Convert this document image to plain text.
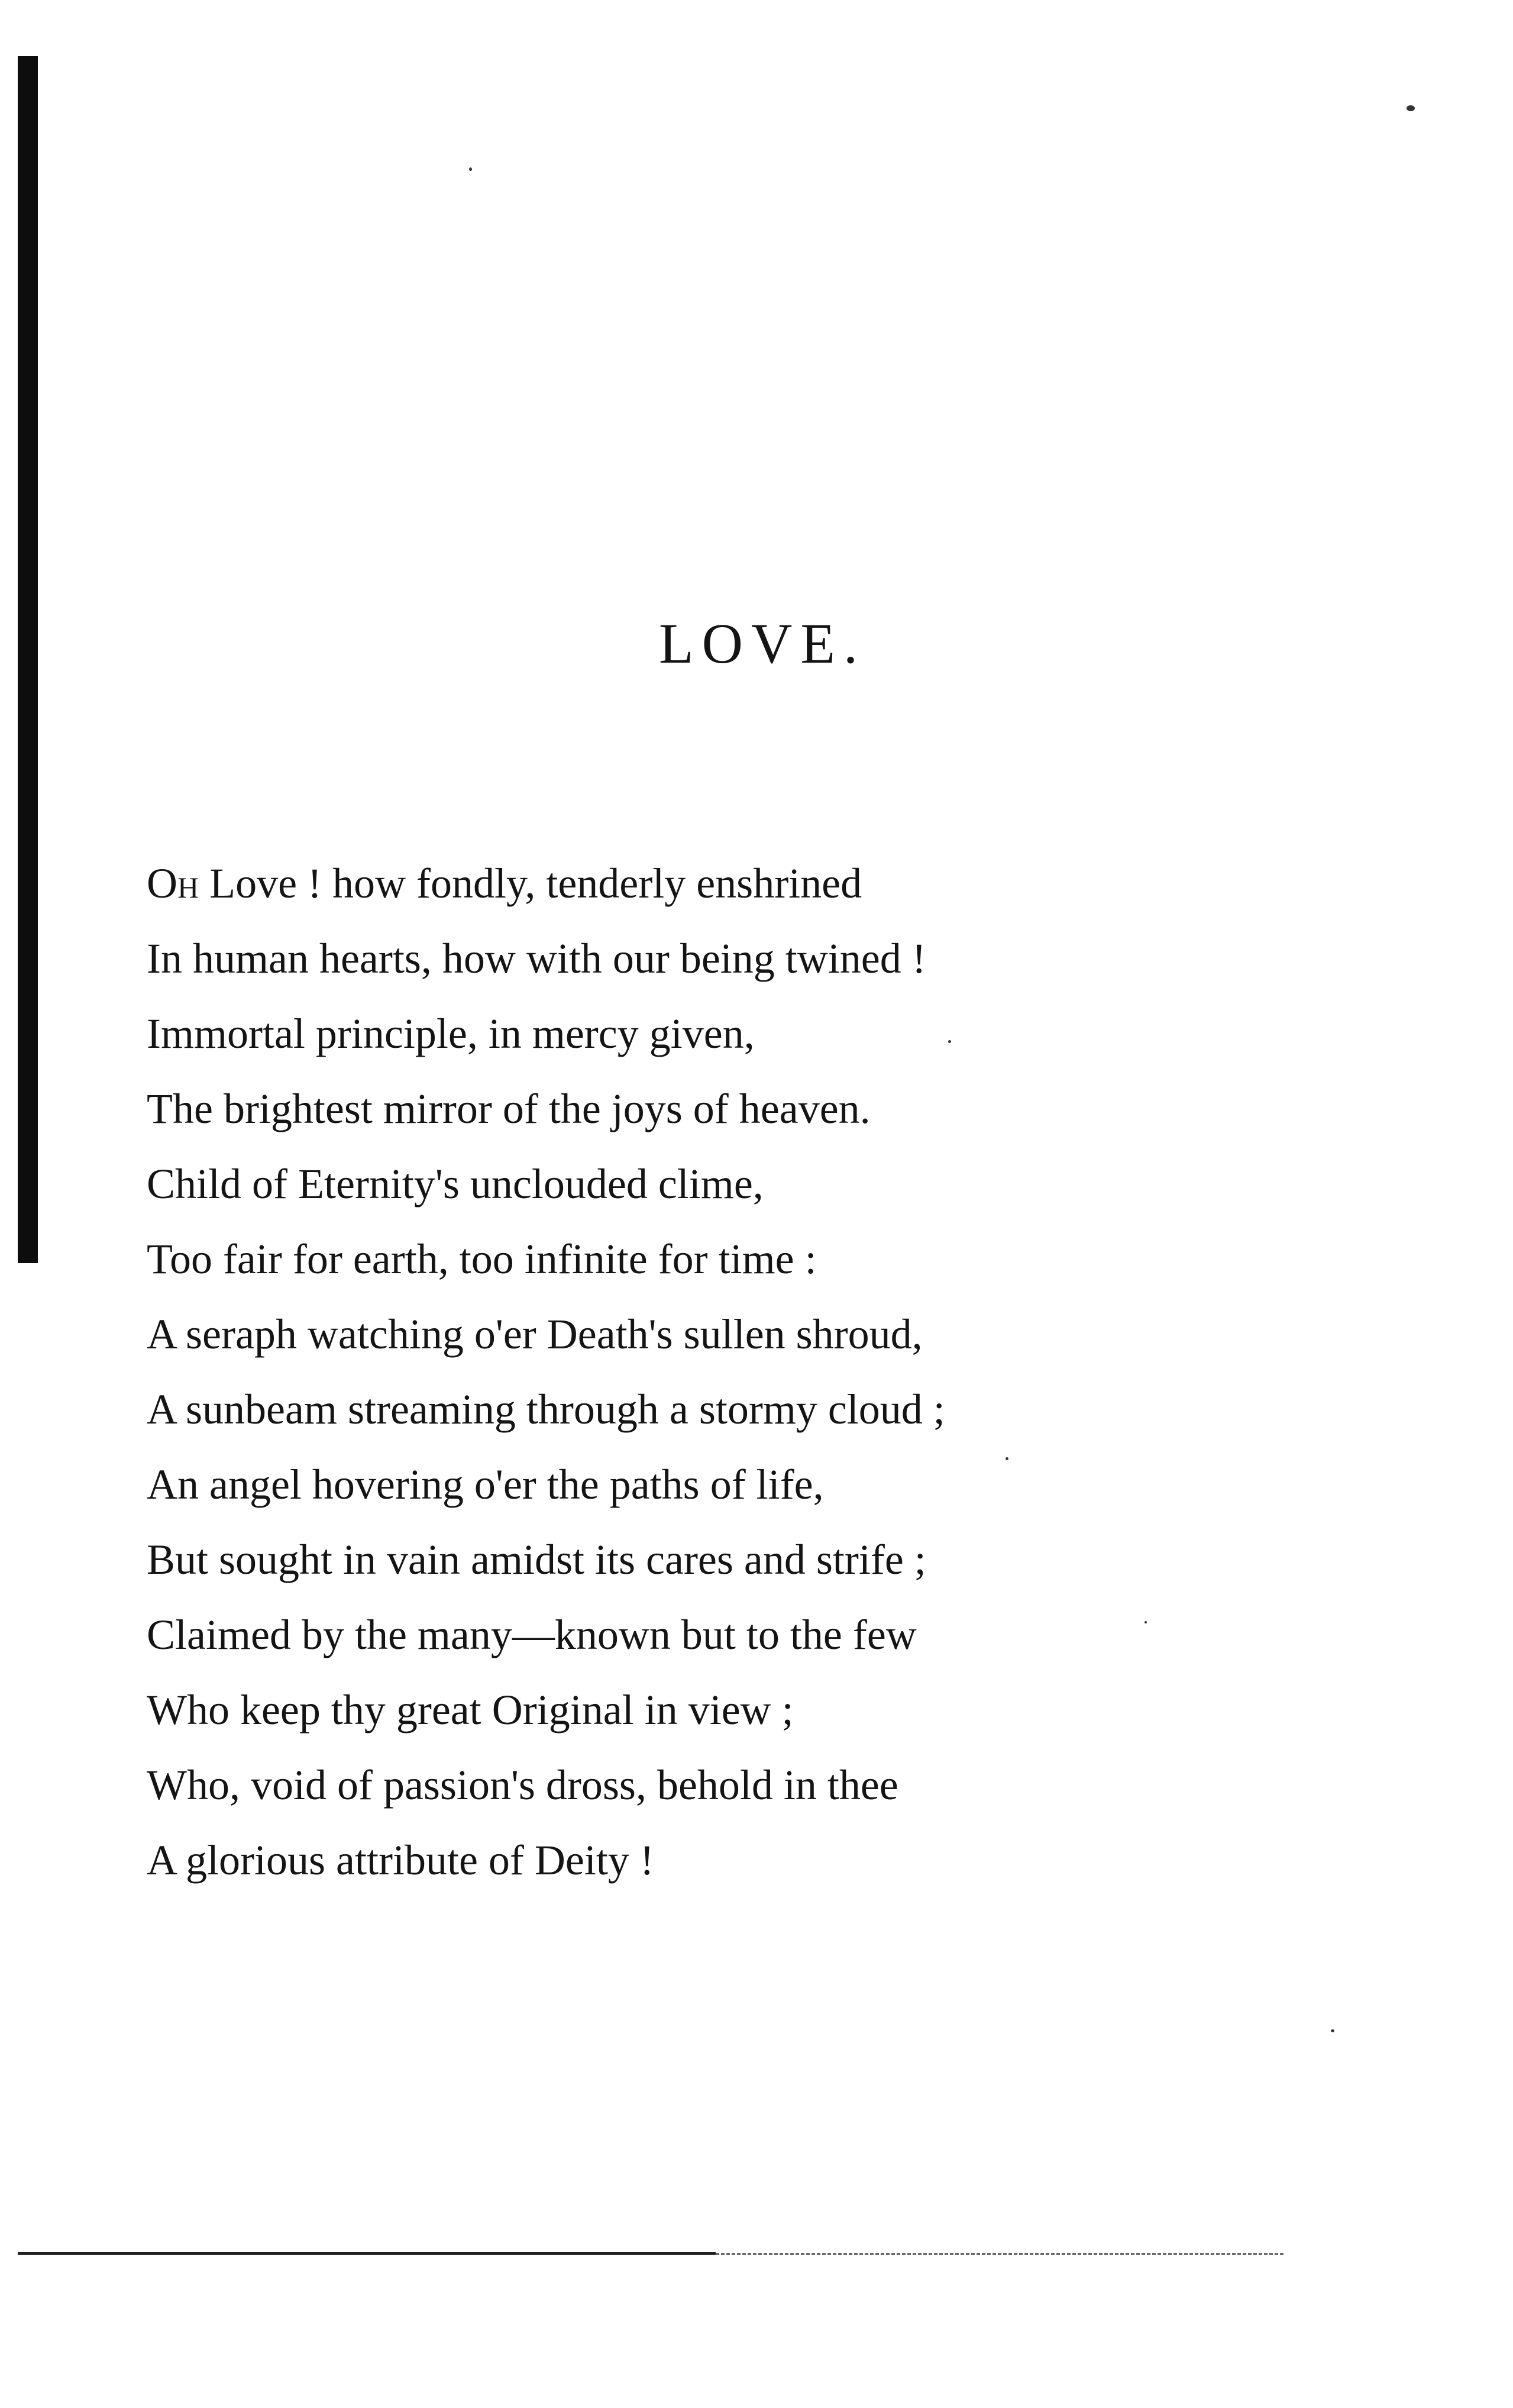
LOVE.
Oh Love ! how fondly, tenderly enshrined
In human hearts, how with our being twined !
Immortal principle, in mercy given,
The brightest mirror of the joys of heaven.
Child of Eternity's unclouded clime,
Too fair for earth, too infinite for time :
A seraph watching o'er Death's sullen shroud,
A sunbeam streaming through a stormy cloud ;
An angel hovering o'er the paths of life,
But sought in vain amidst its cares and strife ;
Claimed by the many—known but to the few
Who keep thy great Original in view ;
Who, void of passion's dross, behold in thee
A glorious attribute of Deity !
